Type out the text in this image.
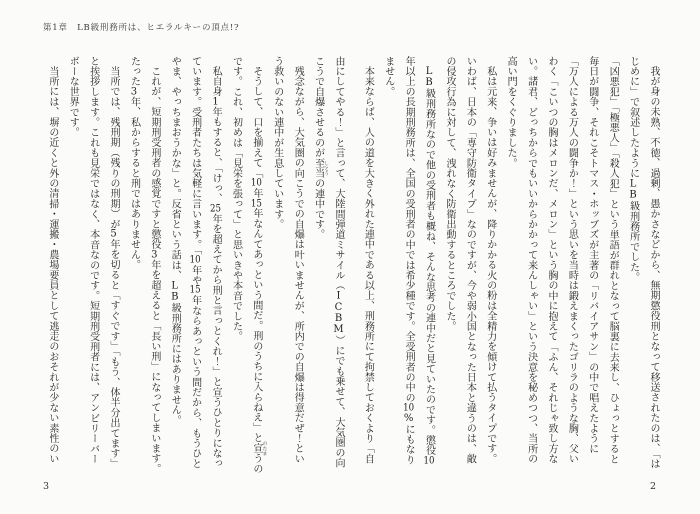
第1章　LB級刑務所は、ヒエラルキーの頂点!?

我が身の未熟、不徳、過剰、愚かさなどから、無期懲役刑となって移送されたのは、「はじめに」で叙述したようにLB級刑務所でした。

「凶悪犯」「極悪人」「殺人犯」という単語が群れとなって脳裏に去来し、ひょっとすると毎日が闘争、それこそトマス・ホッブズが主著の「リバイアサン」の中で唱えたように「万人による万人の闘争か！」という思いを当時は鍛えまくったゴリラのような胸、父いわく「こいつの胸はメロンだ、メロン」という胸の中に抱えて「ふん、それじゃ致し方ない。諸君、どっちからでもいいからかかって来んしゃい」という決意を秘めつつ、当所の高い門をくぐりました。

私は元来、争いは好みませんが、降りかかる火の粉は全精力を傾けて払うタイプです。いわば、日本の「専守防衛タイプ」なのですが、今や弱小国となった日本と違うのは、敵の侵攻行為に対して、洩れなく防衛出動するところでした。

LB級刑務所なので他の受刑者も概ね、そんな思考の連中だと見ていたのです。懲役10年以上の長期刑務所は、全国の受刑者の中では希少種です。全受刑者の中の10%にもなりません。

本来ならば、人の道を大きく外れた連中である以上、刑務所にて拘禁しておくより「自

由にしてやる！」と言って、大陸間弾道ミサイル（ICBM）にでも乗せて、大気圏の向こうで自爆させるのが至当 しとうの連中です。

残念ながら、大気圏の向こうでの自爆は叶いませんが、所内での自爆は得意だぜ！という救いのない連中が生息しています。

そうして、口を揃えて「10年15年なんてあっという間だ。刑のうちに入らねえ」と宣 のたまうのです。これ、初めは「見栄を張って」と思いきや本音でした。

私自身1年もすると、「けっ、25年を超えてから刑と言っとくれ！」と宣うひとりになっています。受刑者たちは気軽に言います。「10年や15年ならあっという間だから、もうひとやま、やっちまおうかな」と。反省という話は、LB級刑務所にはありません。

これが、短期刑受刑者の感覚ですと懲役3年を超えると「長い刑」になってしまいます。たった3年、私からすると刑ではありません。

当所では、残刑期（残りの刑期）が5年を切ると「すぐです」「もう、体半分出てます」と挨拶します。これも見栄ではなく、本音なのです。短期刑受刑者には、アンビリーバーボーな世界です。

当所には、塀の近くと外の清掃・運搬・農場要員として逃走のおそれが少ない素性のい

2
3
